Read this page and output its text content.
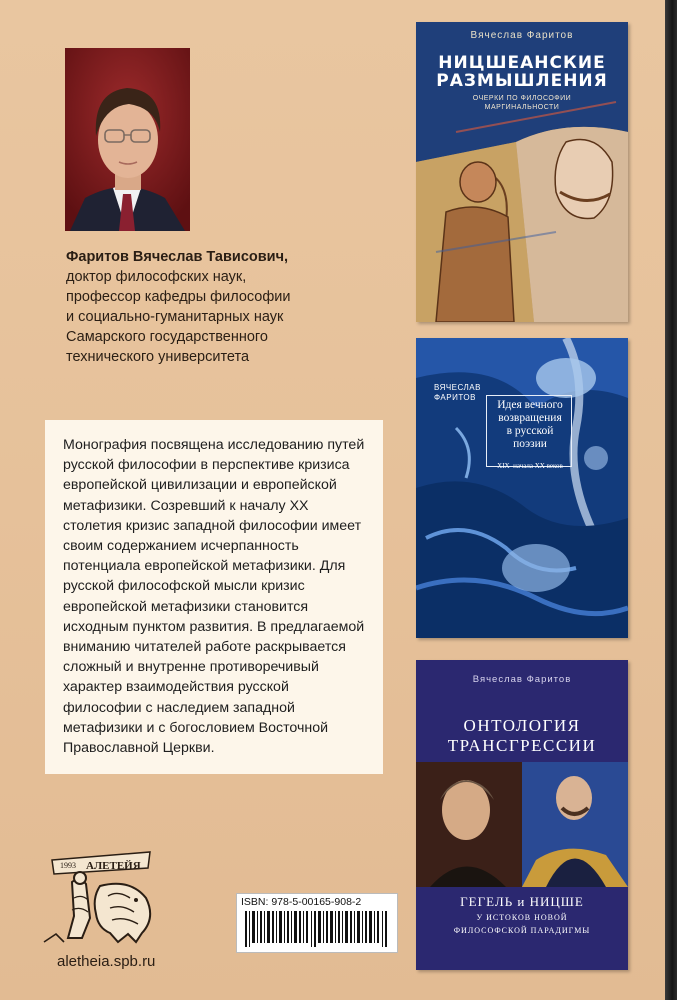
Фаритов Вячеслав Тависович,
доктор философских наук,
профессор кафедры философии
и социально-гуманитарных наук
Самарского государственного
технического университета

Монография посвящена исследованию путей русской философии в перспективе кризиса европейской цивилизации и европейской метафизики. Созревший к началу XX столетия кризис западной философии имеет своим содержанием исчерпанность потенциала европейской метафизики. Для русской философской мысли кризис европейской метафизики становится исходным пунктом развития. В предлагаемой вниманию читателей работе раскрывается сложный и внутренне противоречивый характер взаимодействия русской философии с наследием западной метафизики и с богословием Восточной Православной Церкви.

1993 АЛЕТЕЙЯ
aletheia.spb.ru
ISBN: 978-5-00165-908-2
Вячеслав Фаритов
НИЦШЕАНСКИЕ
РАЗМЫШЛЕНИЯ
ОЧЕРКИ ПО ФИЛОСОФИИ
МАРГИНАЛЬНОСТИ
ВЯЧЕСЛАВ
ФАРИТОВ
Идея вечного
возвращения
в русской
поэзии
XIX–начала XX веков
Вячеслав Фаритов
ОНТОЛОГИЯ
ТРАНСГРЕССИИ
ГЕГЕЛЬ и НИЦШЕ
У ИСТОКОВ НОВОЙ
ФИЛОСОФСКОЙ ПАРАДИГМЫ
